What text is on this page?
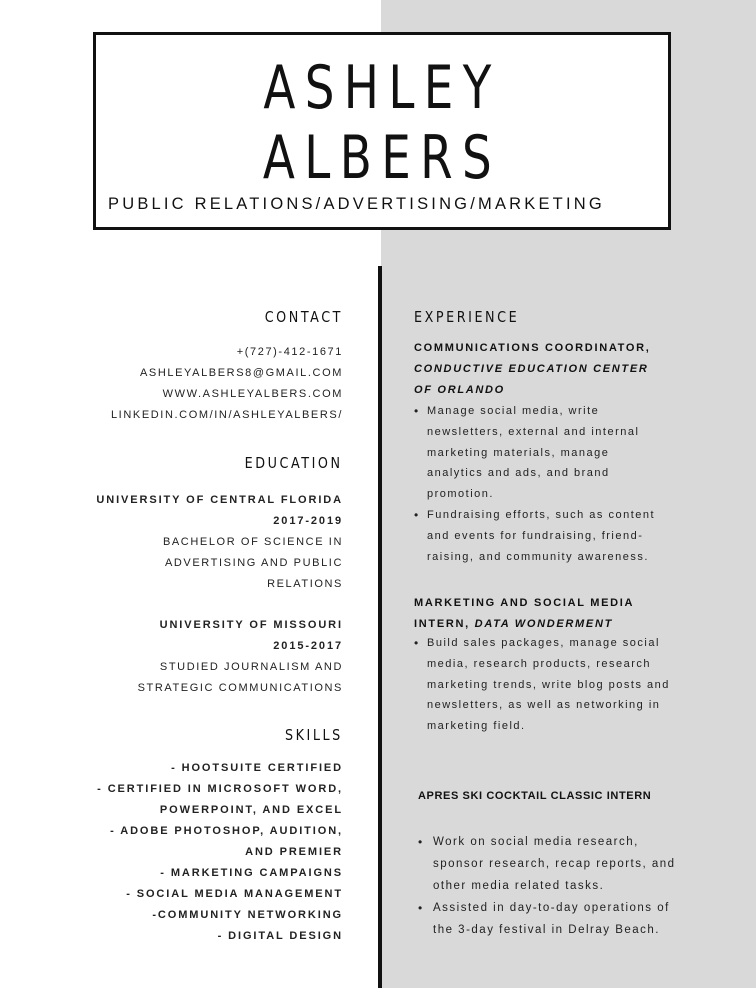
ASHLEY
ALBERS
PUBLIC RELATIONS/ADVERTISING/MARKETING
CONTACT
+(727)-412-1671
ASHLEYALBERS8@GMAIL.COM
WWW.ASHLEYALBERS.COM
LINKEDIN.COM/IN/ASHLEYALBERS/
EDUCATION
UNIVERSITY OF CENTRAL FLORIDA
2017-2019
BACHELOR OF SCIENCE IN
ADVERTISING AND PUBLIC
RELATIONS
UNIVERSITY OF MISSOURI
2015-2017
STUDIED JOURNALISM AND
STRATEGIC COMMUNICATIONS
SKILLS
- HOOTSUITE CERTIFIED
- CERTIFIED IN MICROSOFT WORD,
POWERPOINT, AND EXCEL
- ADOBE PHOTOSHOP, AUDITION,
AND PREMIER
- MARKETING CAMPAIGNS
- SOCIAL MEDIA MANAGEMENT
-COMMUNITY NETWORKING
- DIGITAL DESIGN
EXPERIENCE
COMMUNICATIONS COORDINATOR, CONDUCTIVE EDUCATION CENTER OF ORLANDO
• Manage social media, write newsletters, external and internal marketing materials, manage analytics and ads, and brand promotion.
• Fundraising efforts, such as content and events for fundraising, friend-raising, and community awareness.
MARKETING AND SOCIAL MEDIA INTERN, DATA WONDERMENT
• Build sales packages, manage social media, research products, research marketing trends, write blog posts and newsletters, as well as networking in marketing field.
APRES SKI COCKTAIL CLASSIC INTERN
• Work on social media research, sponsor research, recap reports, and other media related tasks.
• Assisted in day-to-day operations of the 3-day festival in Delray Beach.
